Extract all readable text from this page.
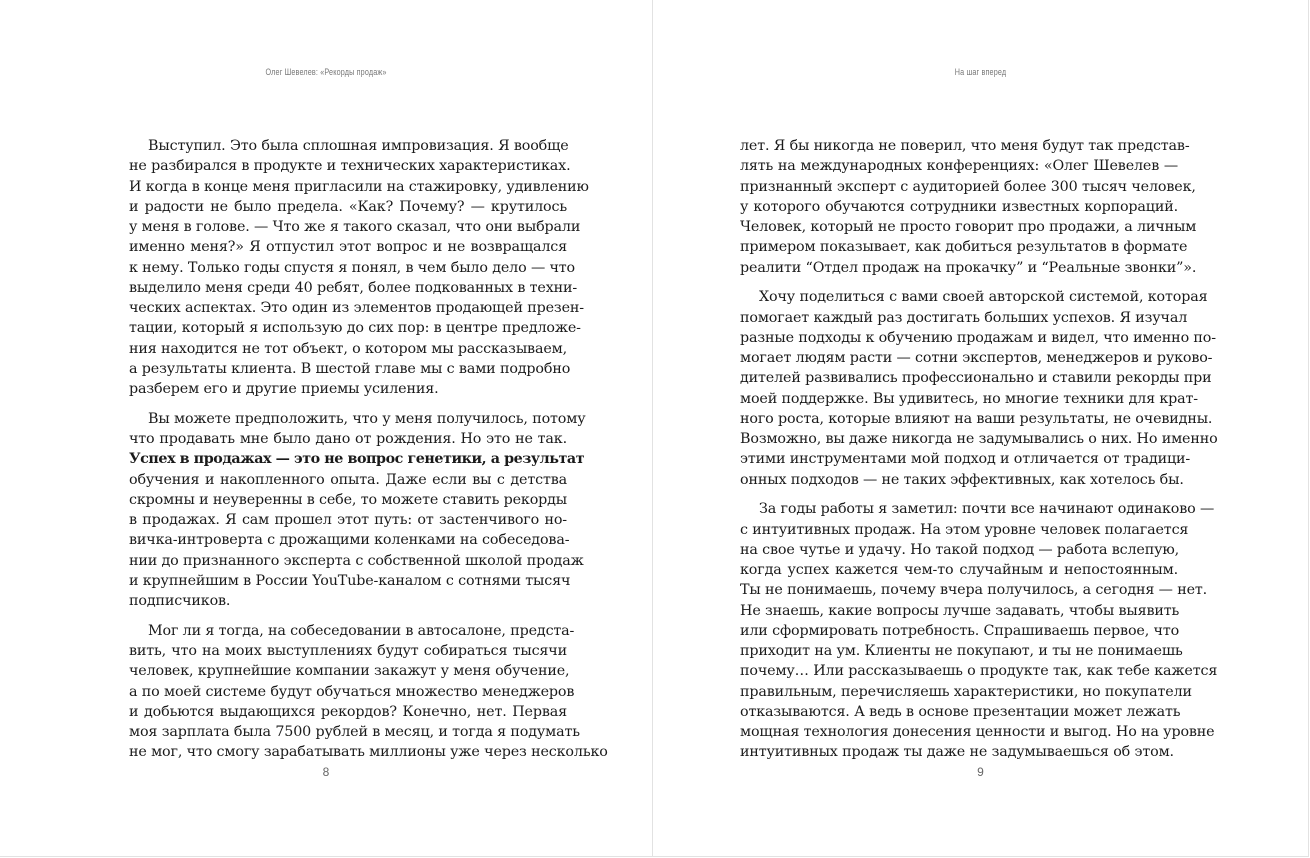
Олег Шевелев: «Рекорды продаж»
Выступил. Это была сплошная импровизация. Я вообще
не разбирался в продукте и технических характеристиках.
И когда в конце меня пригласили на стажировку, удивлению
и радости не было предела. «Как? Почему? — крутилось
у меня в голове. — Что же я такого сказал, что они выбрали
именно меня?» Я отпустил этот вопрос и не возвращался
к нему. Только годы спустя я понял, в чем было дело — что
выделило меня среди 40 ребят, более подкованных в техни-
ческих аспектах. Это один из элементов продающей презен-
тации, который я использую до сих пор: в центре предложе-
ния находится не тот объект, о котором мы рассказываем,
а результаты клиента. В шестой главе мы с вами подробно
разберем его и другие приемы усиления.
Вы можете предположить, что у меня получилось, потому
что продавать мне было дано от рождения. Но это не так.
Успех в продажах — это не вопрос генетики, а результат
обучения и накопленного опыта. Даже если вы с детства
скромны и неуверенны в себе, то можете ставить рекорды
в продажах. Я сам прошел этот путь: от застенчивого но-
вичка-интроверта с дрожащими коленками на собеседова-
нии до признанного эксперта с собственной школой продаж
и крупнейшим в России YouTube-каналом с сотнями тысяч
подписчиков.
Мог ли я тогда, на собеседовании в автосалоне, предста-
вить, что на моих выступлениях будут собираться тысячи
человек, крупнейшие компании закажут у меня обучение,
а по моей системе будут обучаться множество менеджеров
и добьются выдающихся рекордов? Конечно, нет. Первая
моя зарплата была 7500 рублей в месяц, и тогда я подумать
не мог, что смогу зарабатывать миллионы уже через несколько
8
На шаг вперед
лет. Я бы никогда не поверил, что меня будут так представ-
лять на международных конференциях: «Олег Шевелев —
признанный эксперт с аудиторией более 300 тысяч человек,
у которого обучаются сотрудники известных корпораций.
Человек, который не просто говорит про продажи, а личным
примером показывает, как добиться результатов в формате
реалити “Отдел продаж на прокачку” и “Реальные звонки”».
Хочу поделиться с вами своей авторской системой, которая
помогает каждый раз достигать больших успехов. Я изучал
разные подходы к обучению продажам и видел, что именно по-
могает людям расти — сотни экспертов, менеджеров и руково-
дителей развивались профессионально и ставили рекорды при
моей поддержке. Вы удивитесь, но многие техники для крат-
ного роста, которые влияют на ваши результаты, не очевидны.
Возможно, вы даже никогда не задумывались о них. Но именно
этими инструментами мой подход и отличается от традици-
онных подходов — не таких эффективных, как хотелось бы.
За годы работы я заметил: почти все начинают одинаково —
с интуитивных продаж. На этом уровне человек полагается
на свое чутье и удачу. Но такой подход — работа вслепую,
когда успех кажется чем-то случайным и непостоянным.
Ты не понимаешь, почему вчера получилось, а сегодня — нет.
Не знаешь, какие вопросы лучше задавать, чтобы выявить
или сформировать потребность. Спрашиваешь первое, что
приходит на ум. Клиенты не покупают, и ты не понимаешь
почему… Или рассказываешь о продукте так, как тебе кажется
правильным, перечисляешь характеристики, но покупатели
отказываются. А ведь в основе презентации может лежать
мощная технология донесения ценности и выгод. Но на уровне
интуитивных продаж ты даже не задумываешься об этом.
9
